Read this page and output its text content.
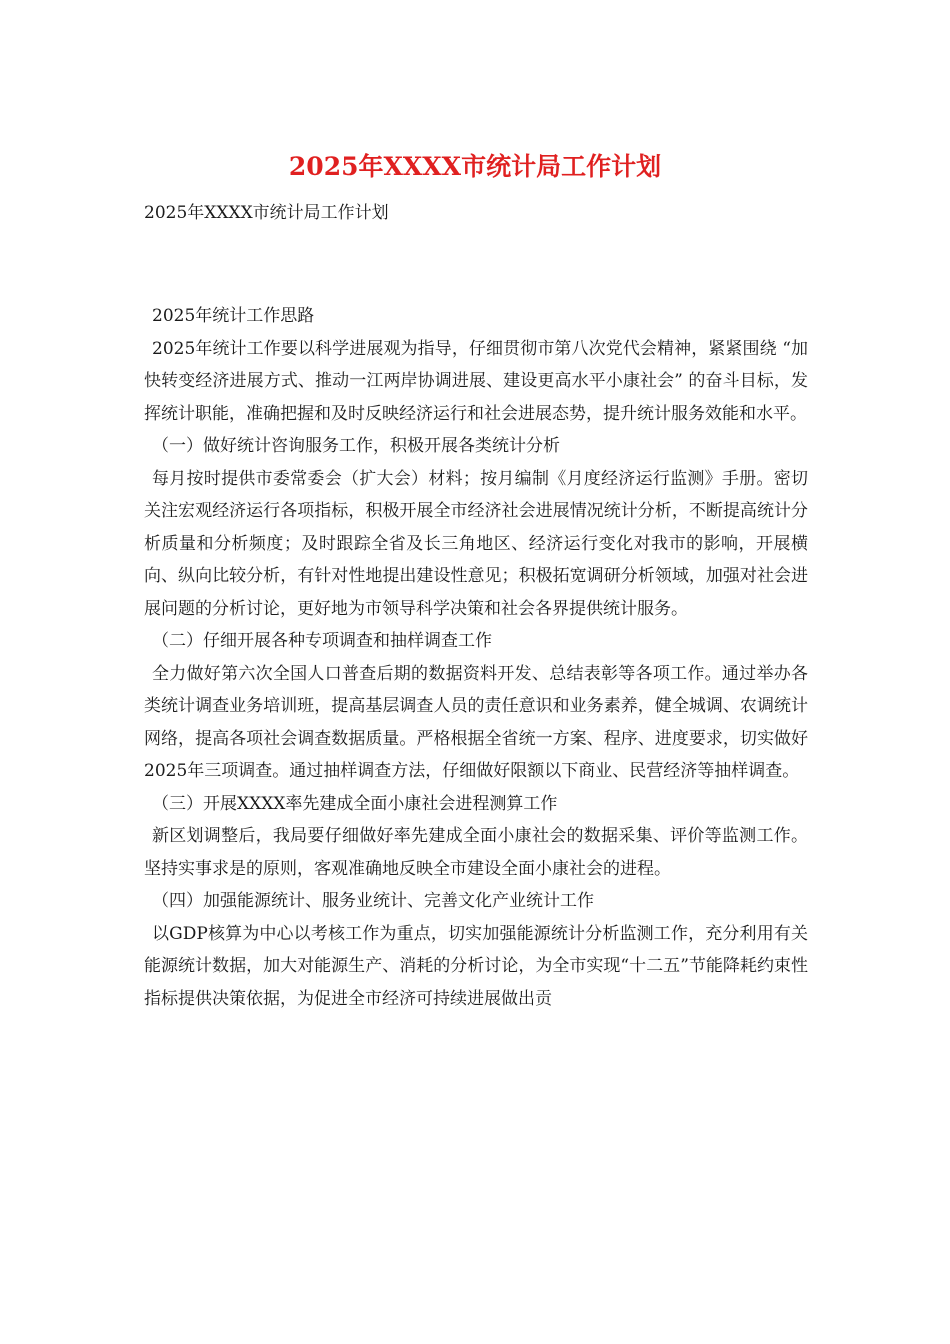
2025年XXXX市统计局工作计划

2025年XXXX市统计局工作计划

2025年统计工作思路

2025年统计工作要以科学进展观为指导，仔细贯彻市第八次党代会精神，紧紧围绕 “加快转变经济进展方式、推动一江两岸协调进展、建设更高水平小康社会” 的奋斗目标，发挥统计职能，准确把握和及时反映经济运行和社会进展态势，提升统计服务效能和水平。

（一）做好统计咨询服务工作，积极开展各类统计分析

每月按时提供市委常委会（扩大会）材料；按月编制《月度经济运行监测》手册。密切关注宏观经济运行各项指标，积极开展全市经济社会进展情况统计分析，不断提高统计分析质量和分析频度；及时跟踪全省及长三角地区、经济运行变化对我市的影响，开展横向、纵向比较分析，有针对性地提出建设性意见；积极拓宽调研分析领域，加强对社会进展问题的分析讨论，更好地为市领导科学决策和社会各界提供统计服务。

（二）仔细开展各种专项调查和抽样调查工作

全力做好第六次全国人口普查后期的数据资料开发、总结表彰等各项工作。通过举办各类统计调查业务培训班，提高基层调查人员的责任意识和业务素养，健全城调、农调统计网络，提高各项社会调查数据质量。严格根据全省统一方案、程序、进度要求，切实做好2025年三项调查。通过抽样调查方法，仔细做好限额以下商业、民营经济等抽样调查。

（三）开展XXXX率先建成全面小康社会进程测算工作

新区划调整后，我局要仔细做好率先建成全面小康社会的数据采集、评价等监测工作。坚持实事求是的原则，客观准确地反映全市建设全面小康社会的进程。

（四）加强能源统计、服务业统计、完善文化产业统计工作

以GDP核算为中心以考核工作为重点，切实加强能源统计分析监测工作，充分利用有关能源统计数据，加大对能源生产、消耗的分析讨论，为全市实现“十二五”节能降耗约束性指标提供决策依据，为促进全市经济可持续进展做出贡
